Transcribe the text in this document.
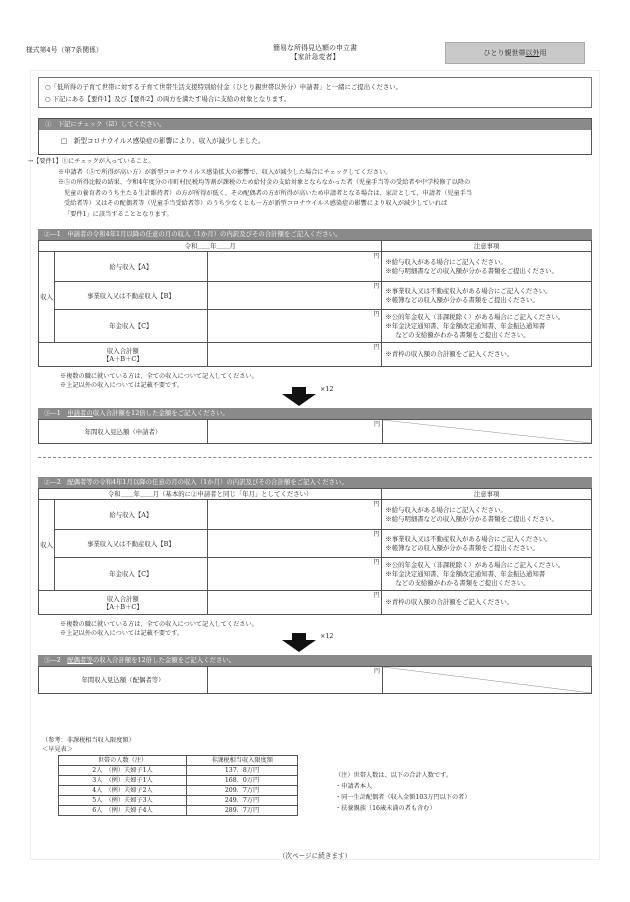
様式第4号（第7条関係）	簡易な所得見込額の申立書
【家計急変者】
ひとり親世帯以外用
○「低所得の子育て世帯に対する子育て世帯生活支援特別給付金（ひとり親世帯以外分）申請書」と一緒にご提出ください。
○ 下記にある【要件1】及び【要件2】の両方を満たす場合に支給の対象となります。
①　下記にチェック（☑）してください。
□　新型コロナウイルス感染症の影響により、収入が減少しました。
→【要件1】①にチェックが入っていること。
※申請者（⑤で所得が高い方）が新型コロナウイルス感染拡大の影響で、収入が減少した場合にチェックしてください。
※⑤の所得比較の結果、令和4年度分の市町村民税均等割が課税のため給付金の支給対象とならなかった者（児童手当等の受給者や中学校修了以降の
児童の養育者のうち主たる生計維持者）の方が所得が低く、その配偶者の方が所得が高いため申請者となる場合は、家計として、申請者（児童手当
受給者等）又はその配偶者等（児童手当受給者等）のうち少なくとも一方が新型コロナウイルス感染症の影響により収入が減少していれば
「要件1」に該当することとなります。
②―1　申請者の令和4年1月以降の任意の月の収入（1か月）の内訳及びその合計額をご記入ください。
令和＿＿年＿＿月			注意事項
収入	給与収入【A】	円	※給与収入がある場合にご記入ください。
※給与明細書などの収入額が分かる書類をご提出ください。

	事業収入又は不動産収入【B】	円	※事業収入又は不動産収入がある場合にご記入ください。
※帳簿などの収入額が分かる書類をご提出ください。

	年金収入【C】	円	※公的年金収入（非課税除く）がある場合にご記入ください。
※年金決定通知書、年金額改定通知書、年金振込通知書
などの支給額がわかる書類をご提出ください。

収入合計額
【A＋B＋C】		円	※青枠の収入額の合計額をご記入ください。
※複数の職に就いている方は、全ての収入について記入してください。
※上記以外の収入については記載不要です。	×12
③―1　申請者の収入合計額を12倍した金額をご記入ください。
年間収入見込額（申請者）	
円

②―2　配偶者等の令和4年1月以降の任意の月の収入（1か月）の内訳及びその合計額をご記入ください。
令和＿＿年＿＿月（基本的に②申請者と同じ「年月」としてください）			注意事項
収入	給与収入【A】	円	※給与収入がある場合にご記入ください。
※給与明細書などの収入額が分かる書類をご提出ください。

	事業収入又は不動産収入【B】	円	※事業収入又は不動産収入がある場合にご記入ください。
※帳簿などの収入額が分かる書類をご提出ください。

	年金収入【C】	円	※公的年金収入（非課税除く）がある場合にご記入ください。
※年金決定通知書、年金額改定通知書、年金振込通知書
などの支給額がわかる書類をご提出ください。

収入合計額
【A＋B＋C】		円	※青枠の収入額の合計額をご記入ください。
※複数の職に就いている方は、全ての収入について記入してください。
※上記以外の収入については記載不要です。	×12
③―2　配偶者等の収入合計額を12倍した金額をご記入ください。
年間収入見込額（配偶者等）	
円

（参考：非課税相当収入限度額）
＜早見表＞
世帯の人数（注）	非課税相当収入限度額
2人　（例）夫婦子1人	137．8万円
3人　（例）夫婦子1人	168．0万円
4人　（例）夫婦子2人	209．7万円
5人　（例）夫婦子3人	249．7万円
6人　（例）夫婦子4人	289．7万円
（注）世帯人数は、以下の合計人数です。
・申請者本人
・同一生計配偶者（収入金額103万円以下の者）
・扶養親族（16歳未満の者も含む）
（次ページに続きます）
